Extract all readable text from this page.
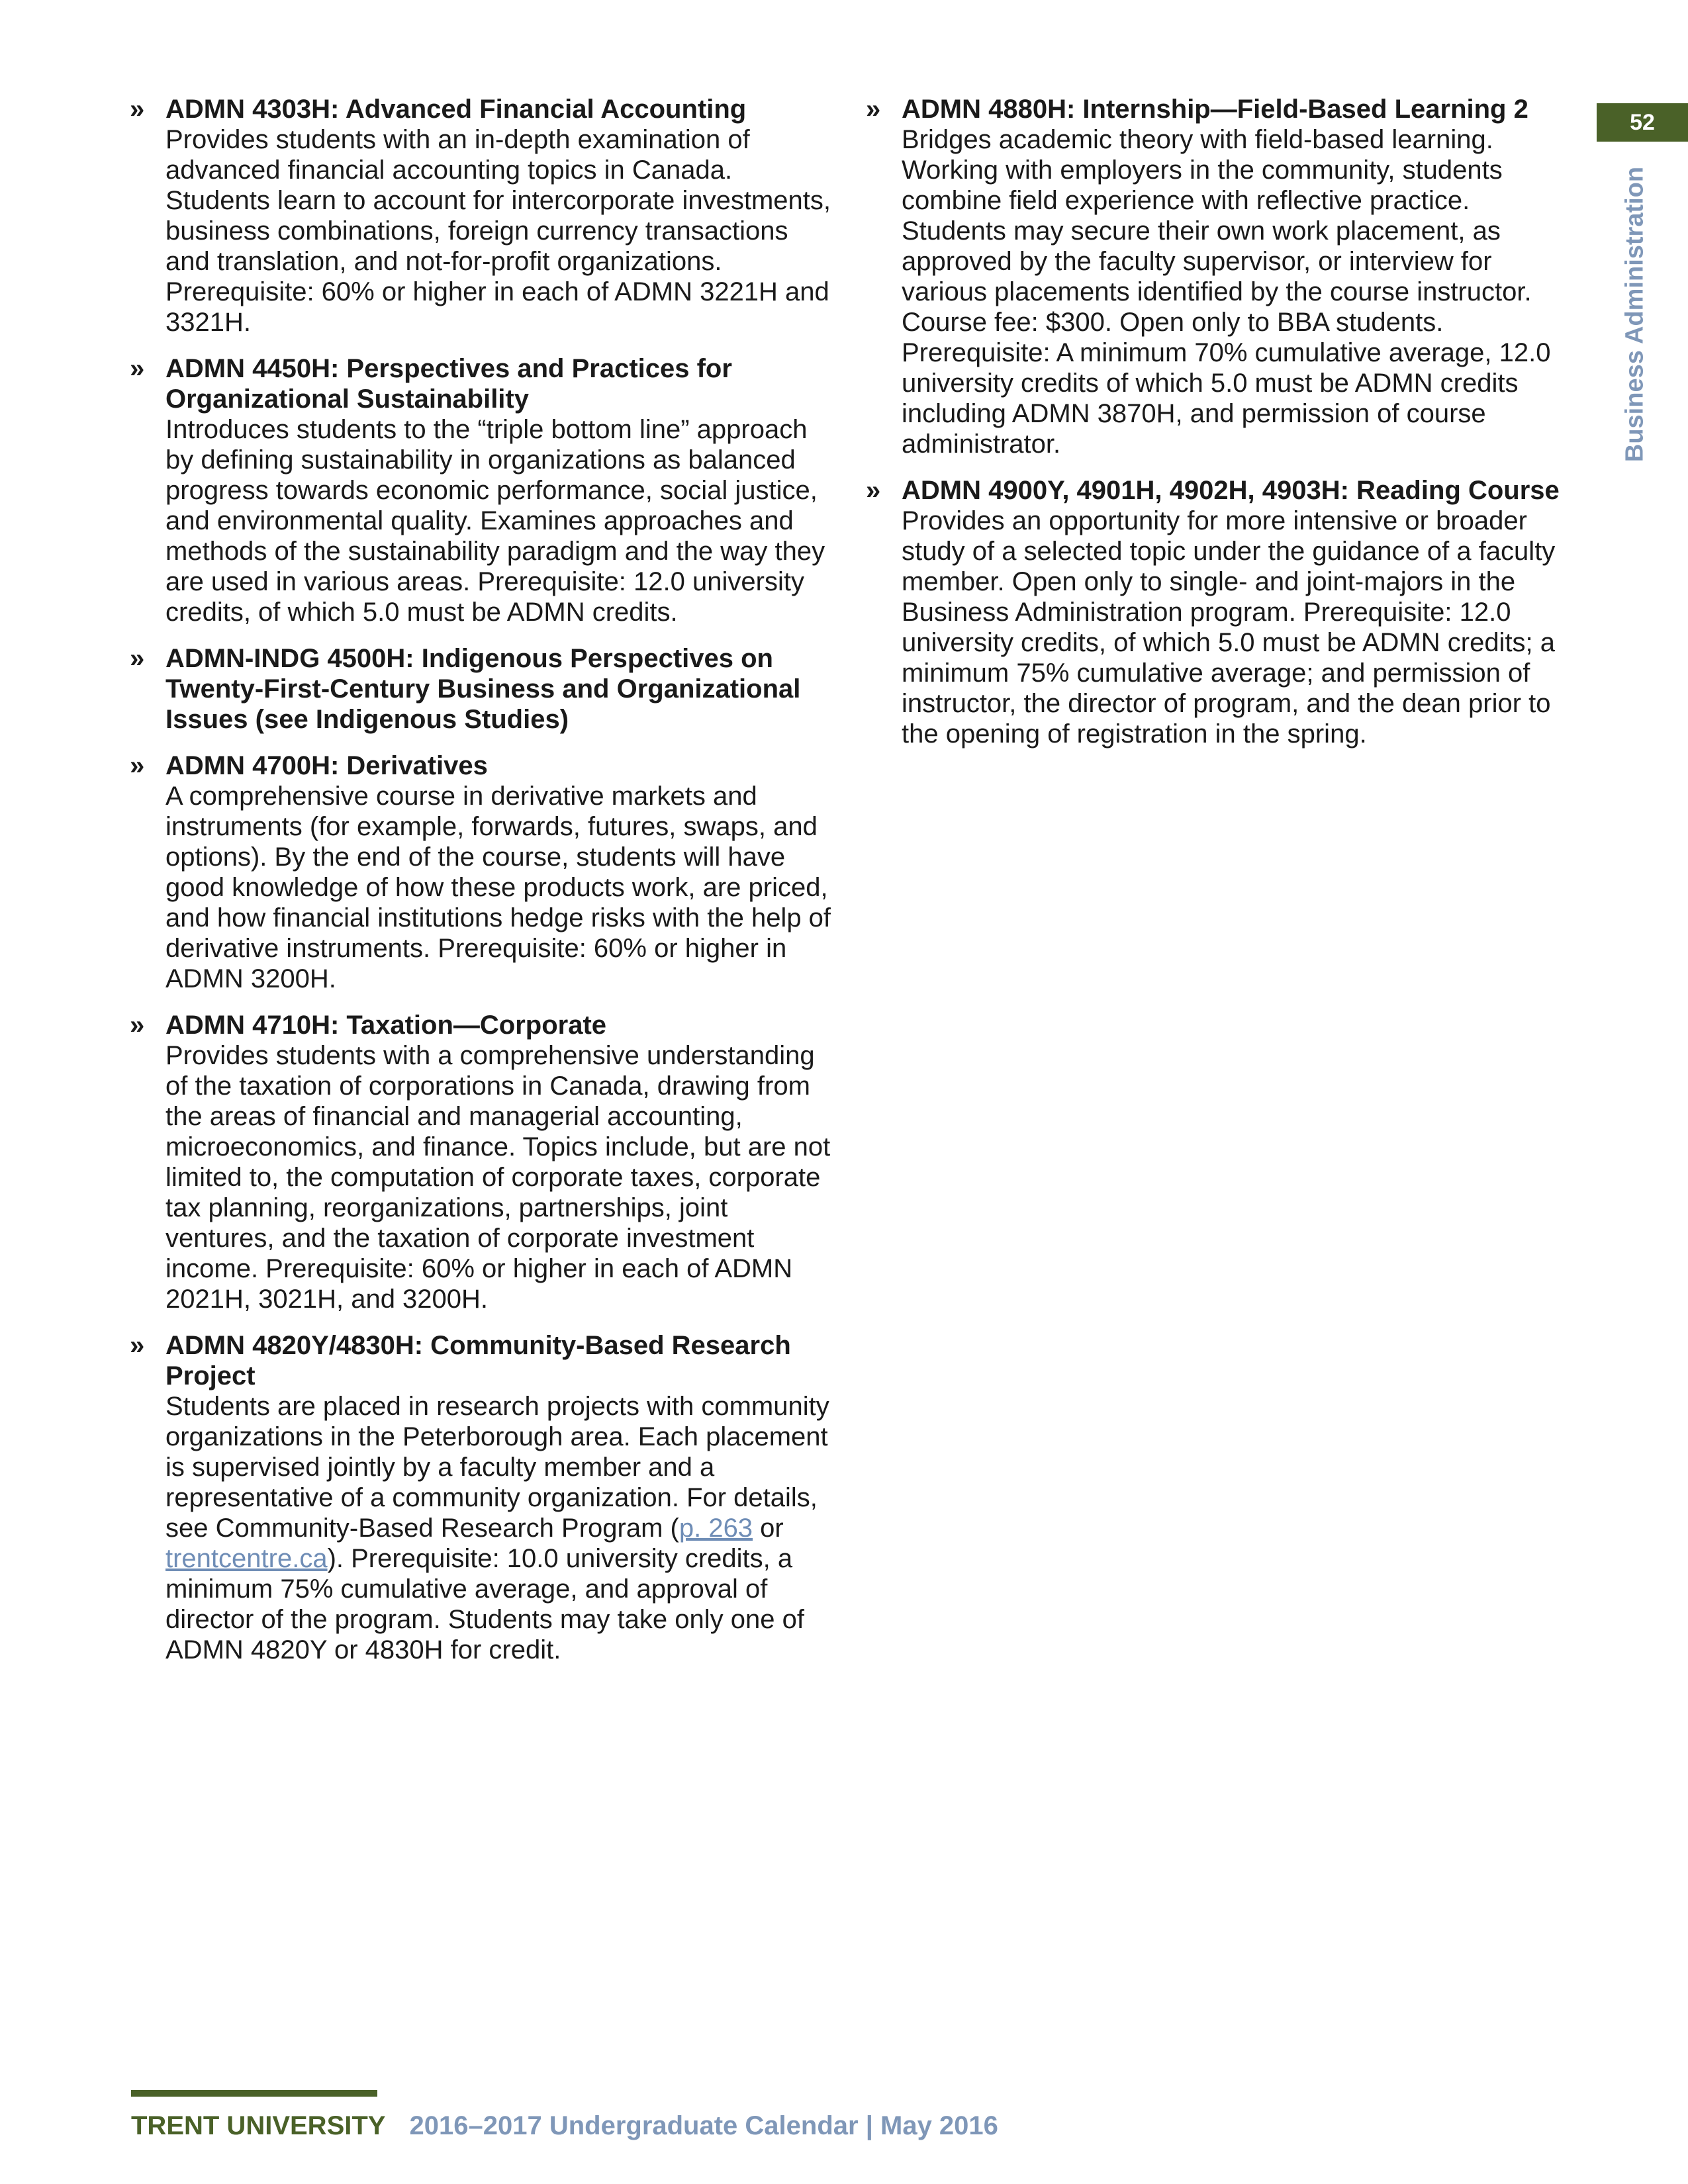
52
Business Administration
» ADMN 4303H: Advanced Financial Accounting
Provides students with an in-depth examination of advanced financial accounting topics in Canada. Students learn to account for intercorporate investments, business combinations, foreign currency transactions and translation, and not-for-profit organizations. Prerequisite: 60% or higher in each of ADMN 3221H and 3321H.
» ADMN 4450H: Perspectives and Practices for Organizational Sustainability
Introduces students to the “triple bottom line” approach by defining sustainability in organizations as balanced progress towards economic performance, social justice, and environmental quality. Examines approaches and methods of the sustainability paradigm and the way they are used in various areas. Prerequisite: 12.0 university credits, of which 5.0 must be ADMN credits.
» ADMN-INDG 4500H: Indigenous Perspectives on Twenty-First-Century Business and Organizational Issues (see Indigenous Studies)
» ADMN 4700H: Derivatives
A comprehensive course in derivative markets and instruments (for example, forwards, futures, swaps, and options). By the end of the course, students will have good knowledge of how these products work, are priced, and how financial institutions hedge risks with the help of derivative instruments. Prerequisite: 60% or higher in ADMN 3200H.
» ADMN 4710H: Taxation—Corporate
Provides students with a comprehensive understanding of the taxation of corporations in Canada, drawing from the areas of financial and managerial accounting, microeconomics, and finance. Topics include, but are not limited to, the computation of corporate taxes, corporate tax planning, reorganizations, partnerships, joint ventures, and the taxation of corporate investment income. Prerequisite: 60% or higher in each of ADMN 2021H, 3021H, and 3200H.
» ADMN 4820Y/4830H: Community-Based Research Project
Students are placed in research projects with community organizations in the Peterborough area. Each placement is supervised jointly by a faculty member and a representative of a community organization. For details, see Community-Based Research Program (p. 263 or trentcentre.ca). Prerequisite: 10.0 university credits, a minimum 75% cumulative average, and approval of director of the program. Students may take only one of ADMN 4820Y or 4830H for credit.
» ADMN 4880H: Internship—Field-Based Learning 2
Bridges academic theory with field-based learning. Working with employers in the community, students combine field experience with reflective practice. Students may secure their own work placement, as approved by the faculty supervisor, or interview for various placements identified by the course instructor. Course fee: $300. Open only to BBA students. Prerequisite: A minimum 70% cumulative average, 12.0 university credits of which 5.0 must be ADMN credits including ADMN 3870H, and permission of course administrator.
» ADMN 4900Y, 4901H, 4902H, 4903H: Reading Course
Provides an opportunity for more intensive or broader study of a selected topic under the guidance of a faculty member. Open only to single- and joint-majors in the Business Administration program. Prerequisite: 12.0 university credits, of which 5.0 must be ADMN credits; a minimum 75% cumulative average; and permission of instructor, the director of program, and the dean prior to the opening of registration in the spring.
TRENT UNIVERSITY 2016–2017 Undergraduate Calendar | May 2016
